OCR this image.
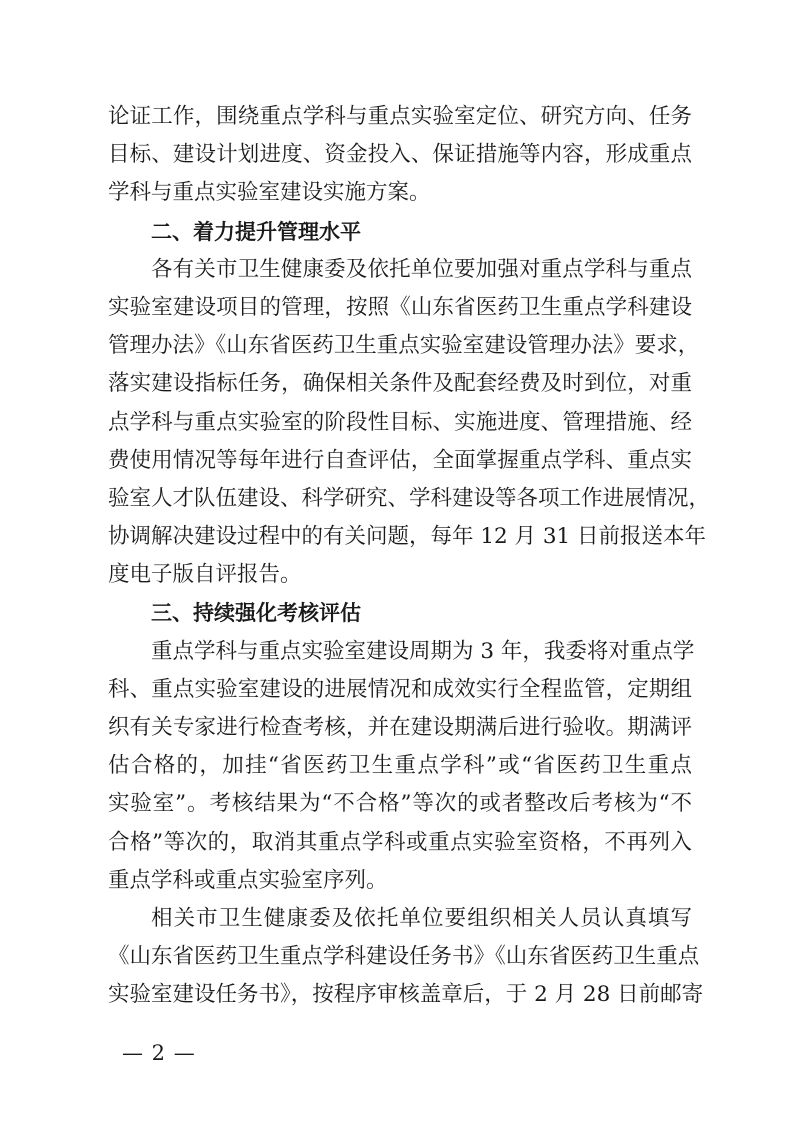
论证工作，围绕重点学科与重点实验室定位、研究方向、任务
目标、建设计划进度、资金投入、保证措施等内容，形成重点
学科与重点实验室建设实施方案。
二、着力提升管理水平
各有关市卫生健康委及依托单位要加强对重点学科与重点
实验室建设项目的管理，按照《山东省医药卫生重点学科建设
管理办法》《山东省医药卫生重点实验室建设管理办法》要求，
落实建设指标任务，确保相关条件及配套经费及时到位，对重
点学科与重点实验室的阶段性目标、实施进度、管理措施、经
费使用情况等每年进行自查评估，全面掌握重点学科、重点实
验室人才队伍建设、科学研究、学科建设等各项工作进展情况，
协调解决建设过程中的有关问题，每年 12 月 31 日前报送本年
度电子版自评报告。
三、持续强化考核评估
重点学科与重点实验室建设周期为 3 年，我委将对重点学
科、重点实验室建设的进展情况和成效实行全程监管，定期组
织有关专家进行检查考核，并在建设期满后进行验收。期满评
估合格的，加挂“省医药卫生重点学科”或“省医药卫生重点
实验室”。考核结果为“不合格”等次的或者整改后考核为“不
合格”等次的，取消其重点学科或重点实验室资格，不再列入
重点学科或重点实验室序列。
相关市卫生健康委及依托单位要组织相关人员认真填写
《山东省医药卫生重点学科建设任务书》《山东省医药卫生重点
实验室建设任务书》，按程序审核盖章后，于 2 月 28 日前邮寄
— 2 —
